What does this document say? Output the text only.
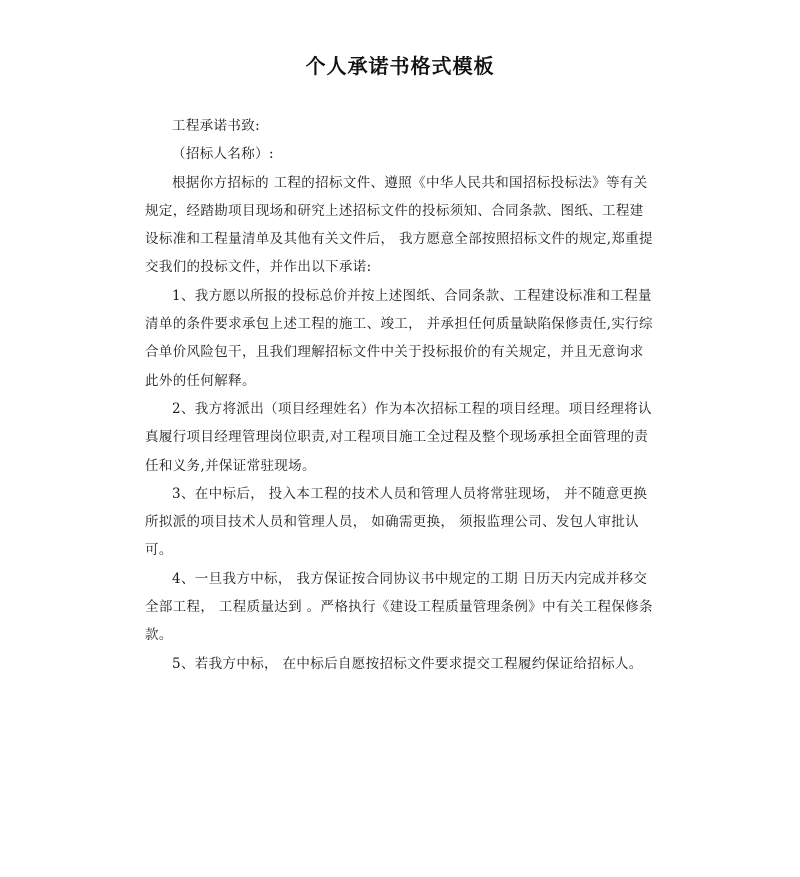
个人承诺书格式模板

工程承诺书致:

（招标人名称）:

根据你方招标的 工程的招标文件、遵照《中华人民共和国招标投标法》等有关规定，经踏勘项目现场和研究上述招标文件的投标须知、合同条款、图纸、工程建设标准和工程量清单及其他有关文件后， 我方愿意全部按照招标文件的规定,郑重提交我们的投标文件，并作出以下承诺:

1、我方愿以所报的投标总价并按上述图纸、合同条款、工程建设标准和工程量清单的条件要求承包上述工程的施工、竣工， 并承担任何质量缺陷保修责任,实行综合单价风险包干，且我们理解招标文件中关于投标报价的有关规定，并且无意询求此外的任何解释。

2、我方将派出（项目经理姓名）作为本次招标工程的项目经理。项目经理将认真履行项目经理管理岗位职责,对工程项目施工全过程及整个现场承担全面管理的责任和义务,并保证常驻现场。

3、在中标后， 投入本工程的技术人员和管理人员将常驻现场， 并不随意更换所拟派的项目技术人员和管理人员， 如确需更换， 须报监理公司、发包人审批认可。

4、一旦我方中标， 我方保证按合同协议书中规定的工期 日历天内完成并移交全部工程， 工程质量达到 。严格执行《建设工程质量管理条例》中有关工程保修条款。

5、若我方中标， 在中标后自愿按招标文件要求提交工程履约保证给招标人。
